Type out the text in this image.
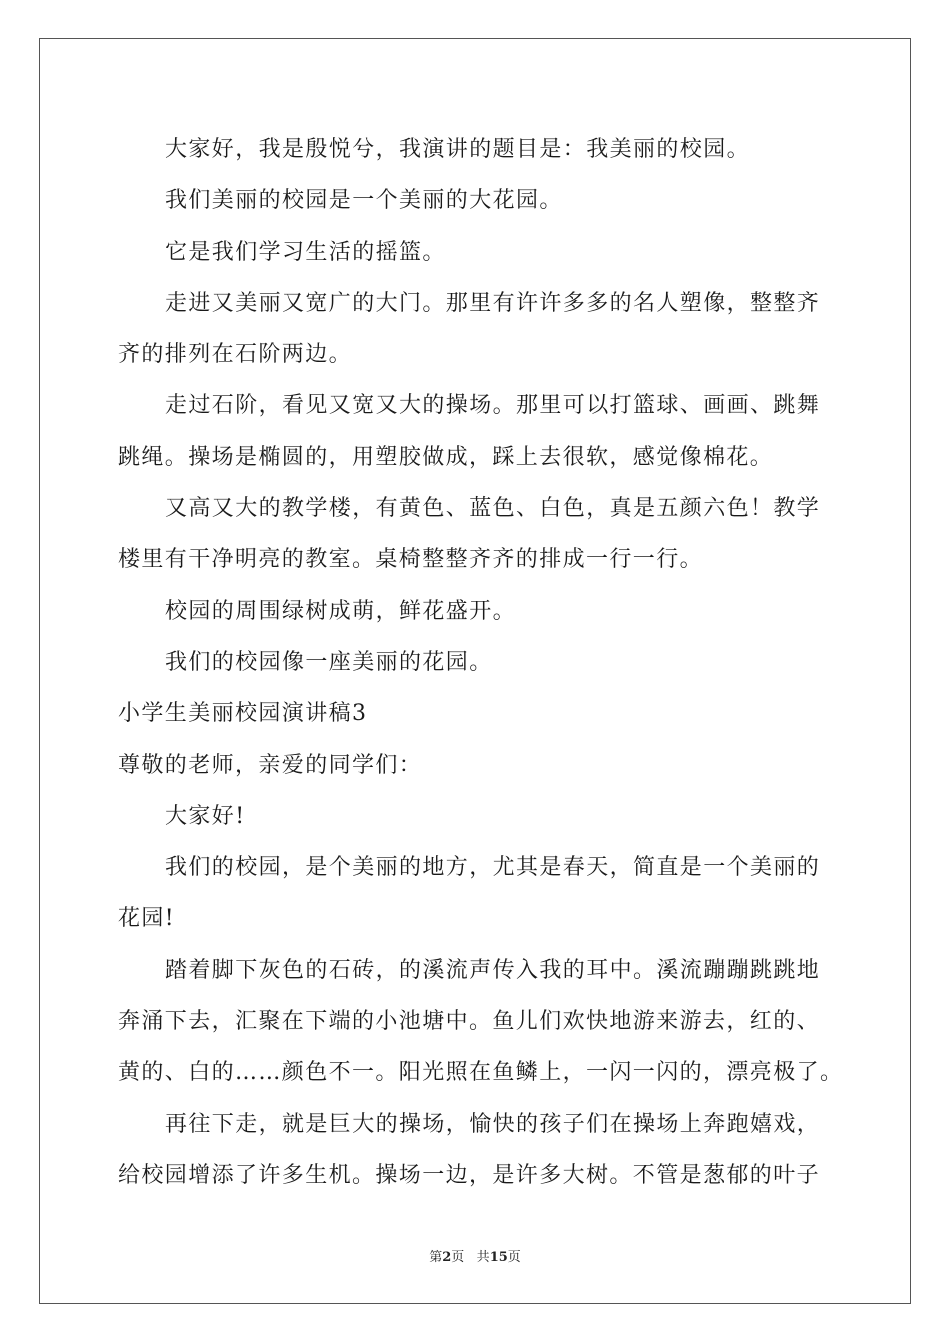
大家好，我是殷悦兮，我演讲的题目是：我美丽的校园。
我们美丽的校园是一个美丽的大花园。
它是我们学习生活的摇篮。
走进又美丽又宽广的大门。那里有许许多多的名人塑像，整整齐
齐的排列在石阶两边。
走过石阶，看见又宽又大的操场。那里可以打篮球、画画、跳舞
跳绳。操场是椭圆的，用塑胶做成，踩上去很软，感觉像棉花。
又高又大的教学楼，有黄色、蓝色、白色，真是五颜六色！教学
楼里有干净明亮的教室。桌椅整整齐齐的排成一行一行。
校园的周围绿树成萌，鲜花盛开。
我们的校园像一座美丽的花园。
小学生美丽校园演讲稿3
尊敬的老师，亲爱的同学们：
大家好!
我们的校园，是个美丽的地方，尤其是春天，简直是一个美丽的
花园!
踏着脚下灰色的石砖，的溪流声传入我的耳中。溪流蹦蹦跳跳地
奔涌下去，汇聚在下端的小池塘中。鱼儿们欢快地游来游去，红的、
黄的、白的……颜色不一。阳光照在鱼鳞上，一闪一闪的，漂亮极了。
再往下走，就是巨大的操场，愉快的孩子们在操场上奔跑嬉戏，
给校园增添了许多生机。操场一边，是许多大树。不管是葱郁的叶子
第2页 共15页
